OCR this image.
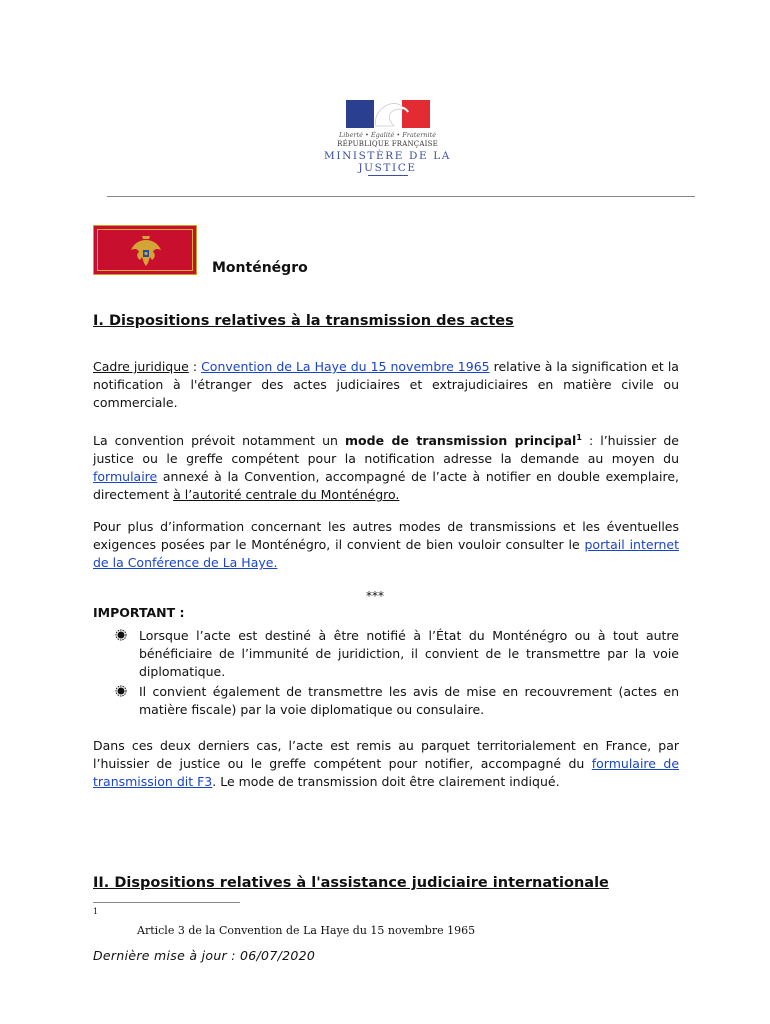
Liberté • Égalité • Fraternité
RÉPUBLIQUE FRANÇAISE
MINISTÈRE DE LA JUSTICE
Monténégro
I. Dispositions relatives à la transmission des actes
Cadre juridique : Convention de La Haye du 15 novembre 1965 relative à la signification et la notification à l'étranger des actes judiciaires et extrajudiciaires en matière civile ou commerciale.
La convention prévoit notamment un mode de transmission principal$^1$ : l’huissier de justice ou le greffe compétent pour la notification adresse la demande au moyen du formulaire annexé à la Convention, accompagné de l’acte à notifier en double exemplaire, directement à l’autorité centrale du Monténégro.
Pour plus d’information concernant les autres modes de transmissions et les éventuelles exigences posées par le Monténégro, il convient de bien vouloir consulter le portail internet de la Conférence de La Haye.
***
IMPORTANT :
Lorsque l’acte est destiné à être notifié à l’État du Monténégro ou à tout autre bénéficiaire de l’immunité de juridiction, il convient de le transmettre par la voie diplomatique.
Il convient également de transmettre les avis de mise en recouvrement (actes en matière fiscale) par la voie diplomatique ou consulaire.
Dans ces deux derniers cas, l’acte est remis au parquet territorialement en France, par l’huissier de justice ou le greffe compétent pour notifier, accompagné du formulaire de transmission dit F3. Le mode de transmission doit être clairement indiqué.
II. Dispositions relatives à l'assistance judiciaire internationale
1
Article 3 de la Convention de La Haye du 15 novembre 1965
Dernière mise à jour : 06/07/2020
